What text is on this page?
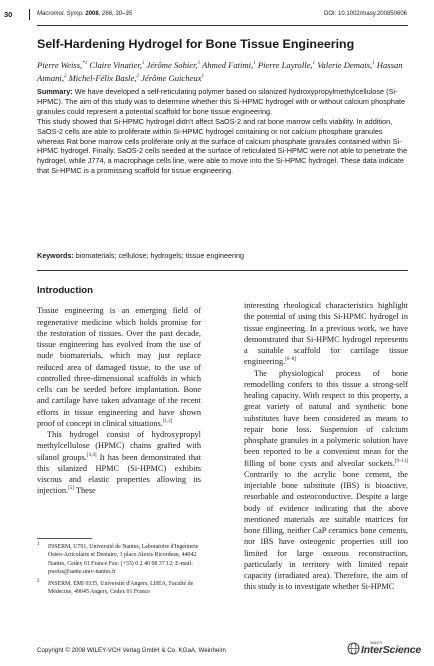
30	Macromol. Symp. 2008, 266, 30–35	DOI: 10.1002/masy.200850606
Self-Hardening Hydrogel for Bone Tissue Engineering
Pierre Weiss,$^{*1}$ Claire Vinatier,$^1$ Jérôme Sohier,$^1$ Ahmed Fatimi,$^1$ Pierre Layrolle,$^1$ Valerie Demais,$^1$ Hassan Atmani,$^2$ Michel-Félix Basle,$^2$ Jérôme Guicheux$^1$

Summary: We have developed a self-reticulating polymer based on silanized hydroxypropylmethylcellulose (Si-HPMC). The aim of this study was to determine whether this Si-HPMC hydrogel with or without calcium phosphate granules could represent a potential scaffold for bone tissue engineering.

This study showed that Si-HPMC hydrogel didn't affect SaOS-2 and rat bone marrow cells viability. In addition, SaOS-2 cells are able to proliferate within Si-HPMC hydrogel containing or not calcium phosphate granules whereas Rat bone marrow cells proliferate only at the surface of calcium phosphate granules contained within Si-HPMC hydrogel. Finally, SaOS-2 cells seeded at the surface of reticulated Si-HPMC were not able to penetrate the hydrogel, while J774, a macrophage cells line, were able to move into the Si-HPMC hydrogel. These data indicate that Si-HPMC is a promissing scaffold for tissue engineering.

Keywords: biomaterials; cellulose; hydrogels; tissue engineering
Introduction

Tissue engineering is an emerging field of regenerative medicine which holds promise for the restoration of tissues. Over the past decade, tissue engineering has evolved from the use of nude biomaterials, which may just replace reduced area of damaged tissue, to the use of controlled three-dimensional scaffolds in which cells can be seeded before implantation. Bone and cartilage have taken advantage of the recent efforts in tissue engineering and have shown proof of concept in clinical situations.[1,2]

This hydrogel consist of hydroxypropyl methylcellulose (HPMC) chains grafted with silanol groups.[3,4] It has been demonstrated that this silanized HPMC (Si-HPMC) exhibits viscous and elastic properties allowing its injection.[5] These

interesting rheological characteristics highlight the potential of using this Si-HPMC hydrogel in tissue engineering. In a previous work, we have demonstrated that Si-HPMC hydrogel represents a suitable scaffold for cartilage tissue engineering.[6–8]

The physiological process of bone remodelling confers to this tissue a strong-self healing capacity. With respect to this property, a great variety of natural and synthetic bone substitutes have been considered as means to repair bone loss. Suspension of calcium phosphate granules in a polymeric solution have been reported to be a convenient mean for the filling of bone cysts and alveolar sockets.[9–11] Contrarily to the acrylic bone cement, the injectable bone substitute (IBS) is bioactive, resorbable and osteoconductive. Despite a large body of evidence indicating that the above mentioned materials are suitable matrices for bone filling, neither CaP ceramics bone cements, nor IBS have osteogenic properties still too limited for large osseous reconstruction, particularly in territory with limited repair capacity (irradiated area). Therefore, the aim of this study is to investigate whether Si-HPMC

1 INSERM, U791, Université de Nantes, Laboratoire d'Ingénierie Ostéo-Articulaire et Dentaire, 1 place Alexis Ricordeau, 44042 Nantes, Cedex 01 France Fax: (+33) 0 2 40 08 37 12; E-mail: pweiss@sante.univ-nantes.fr
2 INSERM, EMI 0335, Université d'Angers, LHEA, Faculté de Médecine, 49045 Angers, Cedex 01 France
Copyright © 2008 WILEY-VCH Verlag GmbH & Co. KGaA, Weinheim
WILEY
InterScience
